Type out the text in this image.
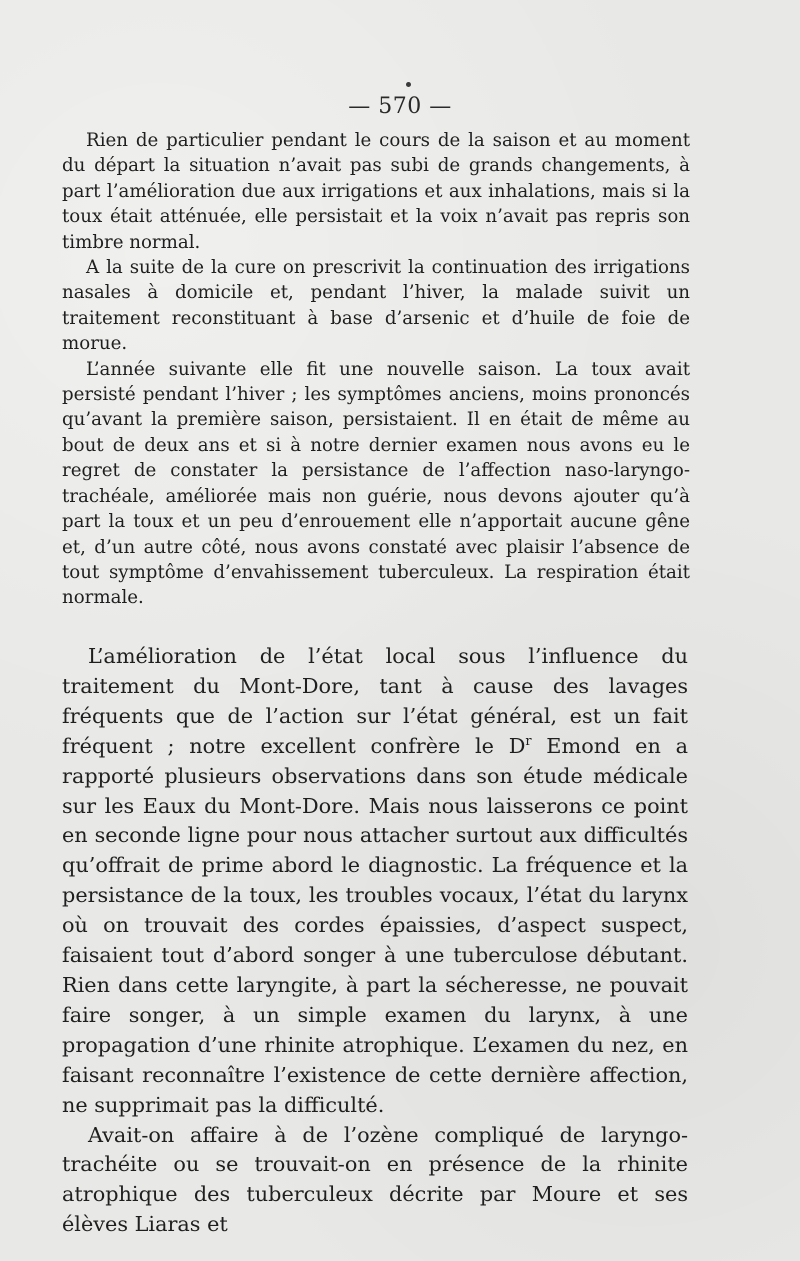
— 570 —

Rien de particulier pendant le cours de la saison et au moment du départ la situation n’avait pas subi de grands changements, à part l’amélioration due aux irrigations et aux inhalations, mais si la toux était atténuée, elle persistait et la voix n’avait pas repris son timbre normal.

A la suite de la cure on prescrivit la continuation des irrigations nasales à domicile et, pendant l’hiver, la malade suivit un traitement reconstituant à base d’arsenic et d’huile de foie de morue.

L’année suivante elle fit une nouvelle saison. La toux avait persisté pendant l’hiver ; les symptômes anciens, moins prononcés qu’avant la première saison, persistaient. Il en était de même au bout de deux ans et si à notre dernier examen nous avons eu le regret de constater la persistance de l’affection naso-laryngo-trachéale, améliorée mais non guérie, nous devons ajouter qu’à part la toux et un peu d’enrouement elle n’apportait aucune gêne et, d’un autre côté, nous avons constaté avec plaisir l’absence de tout symptôme d’envahissement tuberculeux. La respiration était normale.

L’amélioration de l’état local sous l’influence du traitement du Mont-Dore, tant à cause des lavages fréquents que de l’action sur l’état général, est un fait fréquent ; notre excellent confrère le $D^r$ Emond en a rapporté plusieurs observations dans son étude médicale sur les Eaux du Mont-Dore. Mais nous laisserons ce point en seconde ligne pour nous attacher surtout aux difficultés qu’offrait de prime abord le diagnostic. La fréquence et la persistance de la toux, les troubles vocaux, l’état du larynx où on trouvait des cordes épaissies, d’aspect suspect, faisaient tout d’abord songer à une tuberculose débutant. Rien dans cette laryngite, à part la sécheresse, ne pouvait faire songer, à un simple examen du larynx, à une propagation d’une rhinite atrophique. L’examen du nez, en faisant reconnaître l’existence de cette dernière affection, ne supprimait pas la difficulté.

Avait-on affaire à de l’ozène compliqué de laryngo-trachéite ou se trouvait-on en présence de la rhinite atrophique des tuberculeux décrite par Moure et ses élèves Liaras et
